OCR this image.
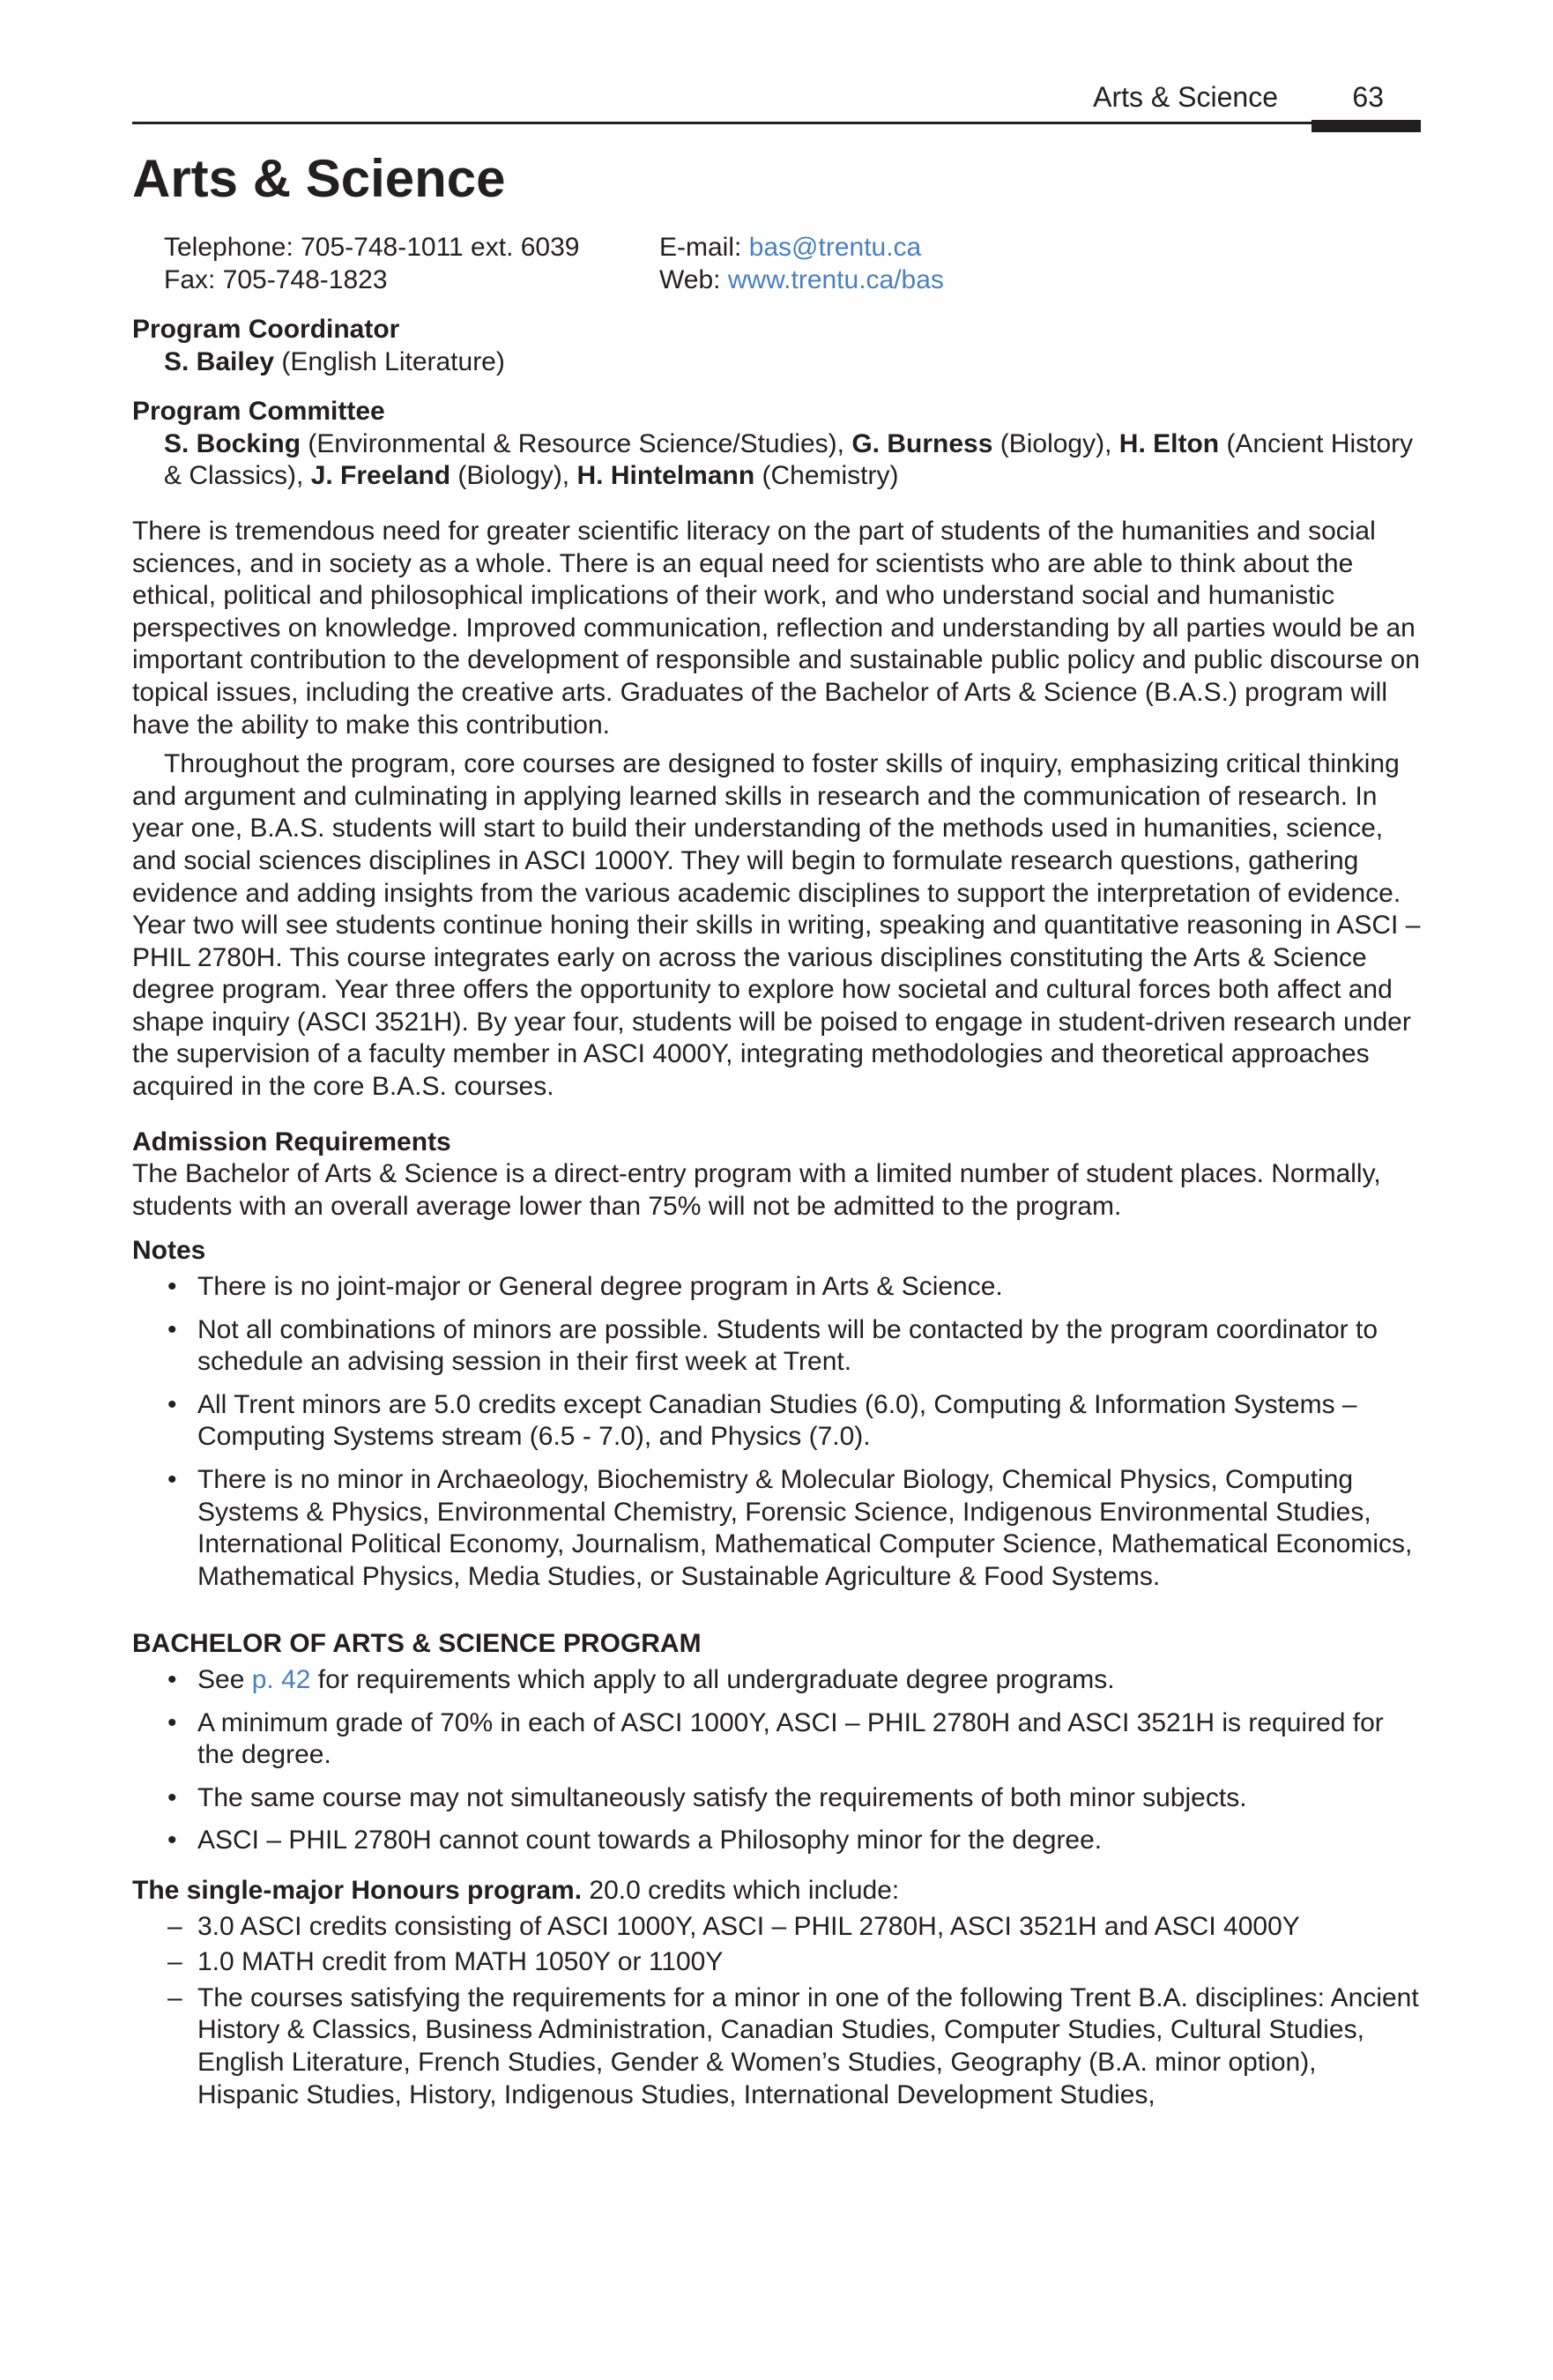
Arts & Science	63
Arts & Science
Telephone: 705-748-1011 ext. 6039	E-mail: bas@trentu.ca
Fax: 705-748-1823	Web: www.trentu.ca/bas

Program Coordinator

S. Bailey (English Literature)

Program Committee

S. Bocking (Environmental & Resource Science/Studies), G. Burness (Biology), H. Elton (Ancient History & Classics), J. Freeland (Biology), H. Hintelmann (Chemistry)

There is tremendous need for greater scientific literacy on the part of students of the humanities and social sciences, and in society as a whole. There is an equal need for scientists who are able to think about the ethical, political and philosophical implications of their work, and who understand social and humanistic perspectives on knowledge. Improved communication, reflection and understanding by all parties would be an important contribution to the development of responsible and sustainable public policy and public discourse on topical issues, including the creative arts. Graduates of the Bachelor of Arts & Science (B.A.S.) program will have the ability to make this contribution.

Throughout the program, core courses are designed to foster skills of inquiry, emphasizing critical thinking and argument and culminating in applying learned skills in research and the communication of research. In year one, B.A.S. students will start to build their understanding of the methods used in humanities, science, and social sciences disciplines in ASCI 1000Y. They will begin to formulate research questions, gathering evidence and adding insights from the various academic disciplines to support the interpretation of evidence. Year two will see students continue honing their skills in writing, speaking and quantitative reasoning in ASCI – PHIL 2780H. This course integrates early on across the various disciplines constituting the Arts & Science degree program. Year three offers the opportunity to explore how societal and cultural forces both affect and shape inquiry (ASCI 3521H). By year four, students will be poised to engage in student-driven research under the supervision of a faculty member in ASCI 4000Y, integrating methodologies and theoretical approaches acquired in the core B.A.S. courses.

Admission Requirements

The Bachelor of Arts & Science is a direct-entry program with a limited number of student places. Normally, students with an overall average lower than 75% will not be admitted to the program.

Notes

• There is no joint-major or General degree program in Arts & Science.
• Not all combinations of minors are possible. Students will be contacted by the program coordinator to schedule an advising session in their first week at Trent.
• All Trent minors are 5.0 credits except Canadian Studies (6.0), Computing & Information Systems – Computing Systems stream (6.5 - 7.0), and Physics (7.0).
• There is no minor in Archaeology, Biochemistry & Molecular Biology, Chemical Physics, Computing Systems & Physics, Environmental Chemistry, Forensic Science, Indigenous Environmental Studies, International Political Economy, Journalism, Mathematical Computer Science, Mathematical Economics, Mathematical Physics, Media Studies, or Sustainable Agriculture & Food Systems.

BACHELOR OF ARTS & SCIENCE PROGRAM

• See p. 42 for requirements which apply to all undergraduate degree programs.
• A minimum grade of 70% in each of ASCI 1000Y, ASCI – PHIL 2780H and ASCI 3521H is required for the degree.
• The same course may not simultaneously satisfy the requirements of both minor subjects.
• ASCI – PHIL 2780H cannot count towards a Philosophy minor for the degree.

The single-major Honours program. 20.0 credits which include:

– 3.0 ASCI credits consisting of ASCI 1000Y, ASCI – PHIL 2780H, ASCI 3521H and ASCI 4000Y
– 1.0 MATH credit from MATH 1050Y or 1100Y
– The courses satisfying the requirements for a minor in one of the following Trent B.A. disciplines: Ancient History & Classics, Business Administration, Canadian Studies, Computer Studies, Cultural Studies, English Literature, French Studies, Gender & Women’s Studies, Geography (B.A. minor option), Hispanic Studies, History, Indigenous Studies, International Development Studies,
